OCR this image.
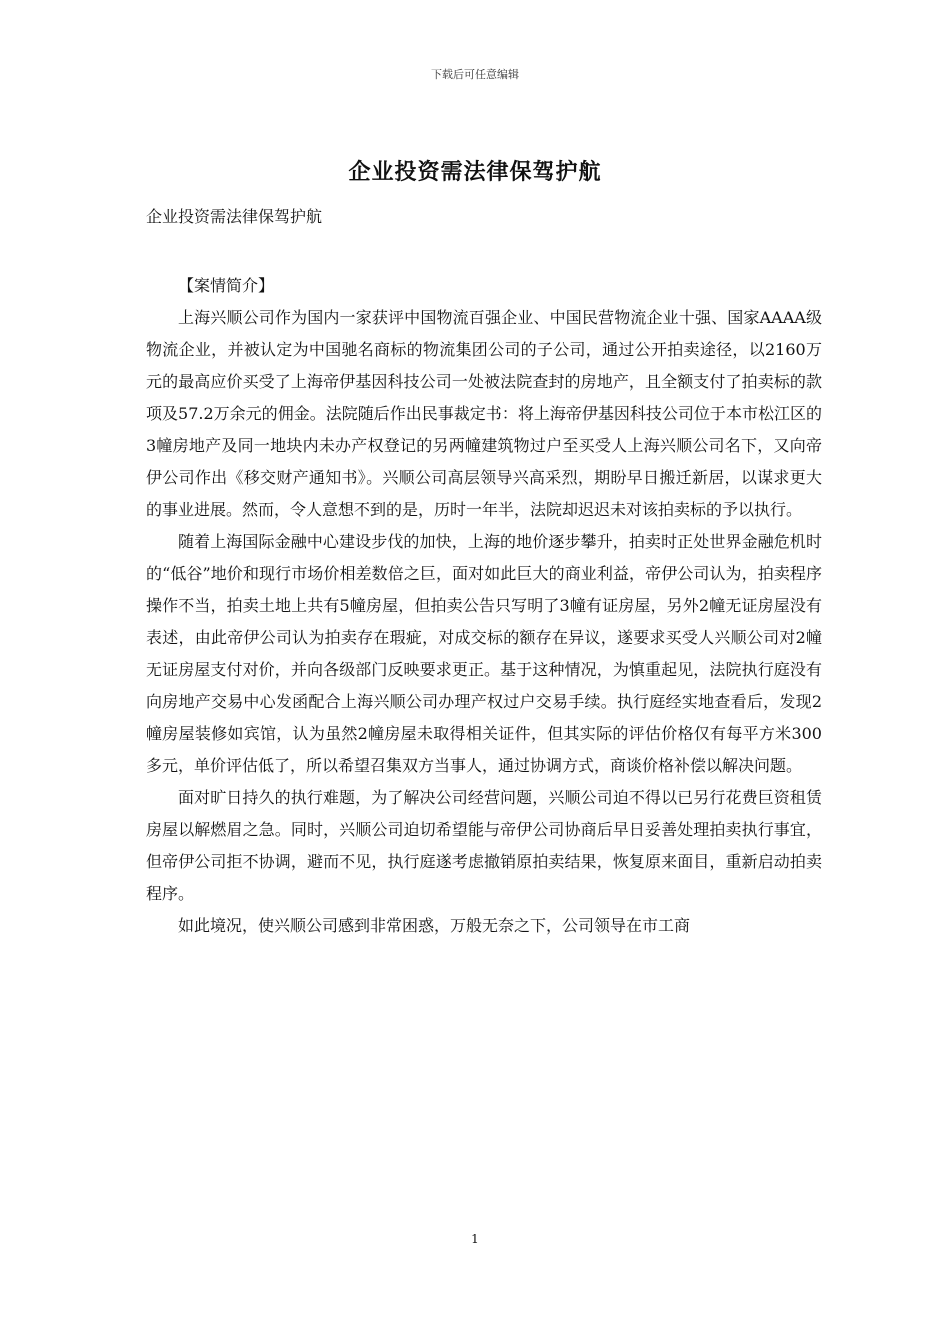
下载后可任意编辑
企业投资需法律保驾护航
企业投资需法律保驾护航

【案情简介】

上海兴顺公司作为国内一家获评中国物流百强企业、中国民营物流企业十强、国家AAAA级物流企业，并被认定为中国驰名商标的物流集团公司的子公司，通过公开拍卖途径，以2160万元的最高应价买受了上海帝伊基因科技公司一处被法院查封的房地产，且全额支付了拍卖标的款项及57.2万余元的佣金。法院随后作出民事裁定书：将上海帝伊基因科技公司位于本市松江区的3幢房地产及同一地块内未办产权登记的另两幢建筑物过户至买受人上海兴顺公司名下，又向帝伊公司作出《移交财产通知书》。兴顺公司高层领导兴高采烈，期盼早日搬迁新居，以谋求更大的事业进展。然而，令人意想不到的是，历时一年半，法院却迟迟未对该拍卖标的予以执行。

随着上海国际金融中心建设步伐的加快，上海的地价逐步攀升，拍卖时正处世界金融危机时的“低谷”地价和现行市场价相差数倍之巨，面对如此巨大的商业利益，帝伊公司认为，拍卖程序操作不当，拍卖土地上共有5幢房屋，但拍卖公告只写明了3幢有证房屋，另外2幢无证房屋没有表述，由此帝伊公司认为拍卖存在瑕疵，对成交标的额存在异议，遂要求买受人兴顺公司对2幢无证房屋支付对价，并向各级部门反映要求更正。基于这种情况，为慎重起见，法院执行庭没有向房地产交易中心发函配合上海兴顺公司办理产权过户交易手续。执行庭经实地查看后，发现2幢房屋装修如宾馆，认为虽然2幢房屋未取得相关证件，但其实际的评估价格仅有每平方米300多元，单价评估低了，所以希望召集双方当事人，通过协调方式，商谈价格补偿以解决问题。

面对旷日持久的执行难题，为了解决公司经营问题，兴顺公司迫不得以已另行花费巨资租赁房屋以解燃眉之急。同时，兴顺公司迫切希望能与帝伊公司协商后早日妥善处理拍卖执行事宜，但帝伊公司拒不协调，避而不见，执行庭遂考虑撤销原拍卖结果，恢复原来面目，重新启动拍卖程序。

如此境况，使兴顺公司感到非常困惑，万般无奈之下，公司领导在市工商

1
